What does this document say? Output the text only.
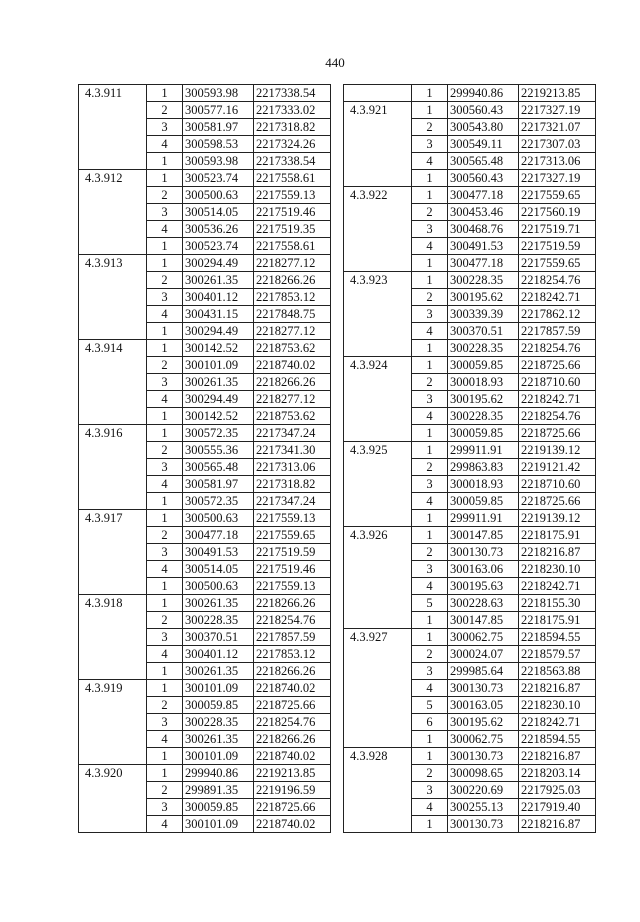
440
4.3.911	1	300593.98	2217338.54
	2	300577.16	2217333.02
	3	300581.97	2217318.82
	4	300598.53	2217324.26
	1	300593.98	2217338.54
4.3.912	1	300523.74	2217558.61
	2	300500.63	2217559.13
	3	300514.05	2217519.46
	4	300536.26	2217519.35
	1	300523.74	2217558.61
4.3.913	1	300294.49	2218277.12
	2	300261.35	2218266.26
	3	300401.12	2217853.12
	4	300431.15	2217848.75
	1	300294.49	2218277.12
4.3.914	1	300142.52	2218753.62
	2	300101.09	2218740.02
	3	300261.35	2218266.26
	4	300294.49	2218277.12
	1	300142.52	2218753.62
4.3.916	1	300572.35	2217347.24
	2	300555.36	2217341.30
	3	300565.48	2217313.06
	4	300581.97	2217318.82
	1	300572.35	2217347.24
4.3.917	1	300500.63	2217559.13
	2	300477.18	2217559.65
	3	300491.53	2217519.59
	4	300514.05	2217519.46
	1	300500.63	2217559.13
4.3.918	1	300261.35	2218266.26
	2	300228.35	2218254.76
	3	300370.51	2217857.59
	4	300401.12	2217853.12
	1	300261.35	2218266.26
4.3.919	1	300101.09	2218740.02
	2	300059.85	2218725.66
	3	300228.35	2218254.76
	4	300261.35	2218266.26
	1	300101.09	2218740.02
4.3.920	1	299940.86	2219213.85
	2	299891.35	2219196.59
	3	300059.85	2218725.66
	4	300101.09	2218740.02
	1	299940.86	2219213.85
4.3.921	1	300560.43	2217327.19
	2	300543.80	2217321.07
	3	300549.11	2217307.03
	4	300565.48	2217313.06
	1	300560.43	2217327.19
4.3.922	1	300477.18	2217559.65
	2	300453.46	2217560.19
	3	300468.76	2217519.71
	4	300491.53	2217519.59
	1	300477.18	2217559.65
4.3.923	1	300228.35	2218254.76
	2	300195.62	2218242.71
	3	300339.39	2217862.12
	4	300370.51	2217857.59
	1	300228.35	2218254.76
4.3.924	1	300059.85	2218725.66
	2	300018.93	2218710.60
	3	300195.62	2218242.71
	4	300228.35	2218254.76
	1	300059.85	2218725.66
4.3.925	1	299911.91	2219139.12
	2	299863.83	2219121.42
	3	300018.93	2218710.60
	4	300059.85	2218725.66
	1	299911.91	2219139.12
4.3.926	1	300147.85	2218175.91
	2	300130.73	2218216.87
	3	300163.06	2218230.10
	4	300195.63	2218242.71
	5	300228.63	2218155.30
	1	300147.85	2218175.91
4.3.927	1	300062.75	2218594.55
	2	300024.07	2218579.57
	3	299985.64	2218563.88
	4	300130.73	2218216.87
	5	300163.05	2218230.10
	6	300195.62	2218242.71
	1	300062.75	2218594.55
4.3.928	1	300130.73	2218216.87
	2	300098.65	2218203.14
	3	300220.69	2217925.03
	4	300255.13	2217919.40
	1	300130.73	2218216.87
